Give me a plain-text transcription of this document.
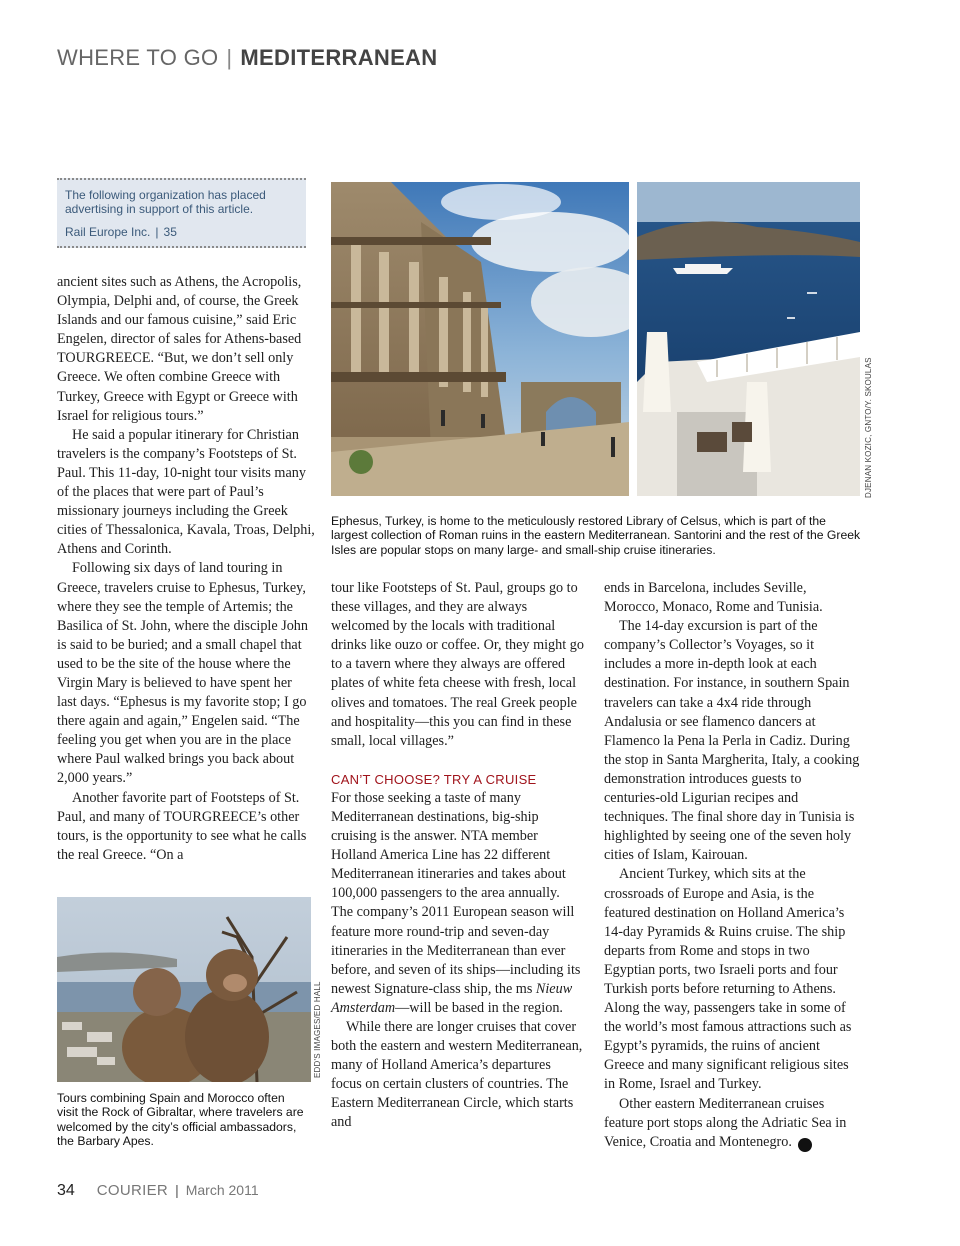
WHERE TO GO | MEDITERRANEAN
The following organization has placed advertising in support of this article.
Rail Europe Inc. | 35

ancient sites such as Athens, the Acropolis, Olympia, Delphi and, of course, the Greek Islands and our famous cuisine,” said Eric Engelen, director of sales for Athens-based TOURGREECE. “But, we don’t sell only Greece. We often combine Greece with Turkey, Greece with Egypt or Greece with Israel for religious tours.”

He said a popular itinerary for Christian travelers is the company’s Footsteps of St. Paul. This 11-day, 10-night tour visits many of the places that were part of Paul’s missionary journeys including the Greek cities of Thessalonica, Kavala, Troas, Delphi, Athens and Corinth.

Following six days of land touring in Greece, travelers cruise to Ephesus, Turkey, where they see the temple of Artemis; the Basilica of St. John, where the disciple John is said to be buried; and a small chapel that used to be the site of the house where the Virgin Mary is believed to have spent her last days. “Ephesus is my favorite stop; I go there again and again,” Engelen said. “The feeling you get when you are in the place where Paul walked brings you back about 2,000 years.”

Another favorite part of Footsteps of St. Paul, and many of TOURGREECE’s other tours, is the opportunity to see what he calls the real Greece. “On a

DJENAN KOZIC, GNTO/Y. SKOULAS
Ephesus, Turkey, is home to the meticulously restored Library of Celsus, which is part of the largest collection of Roman ruins in the eastern Mediterranean. Santorini and the rest of the Greek Isles are popular stops on many large- and small-ship cruise itineraries.

tour like Footsteps of St. Paul, groups go to these villages, and they are always welcomed by the locals with traditional drinks like ouzo or coffee. Or, they might go to a tavern where they always are offered plates of white feta cheese with fresh, local olives and tomatoes. The real Greek people and hospitality—this you can find in these small, local villages.”

CAN’T CHOOSE? TRY A CRUISE

For those seeking a taste of many Mediterranean destinations, big-ship cruising is the answer. NTA member Holland America Line has 22 different Mediterranean itineraries and takes about 100,000 passengers to the area annually. The company’s 2011 European season will feature more round-trip and seven-day itineraries in the Mediterranean than ever before, and seven of its ships—including its newest Signature-class ship, the ms Nieuw Amsterdam—will be based in the region.

While there are longer cruises that cover both the eastern and western Mediterranean, many of Holland America’s departures focus on certain clusters of countries. The Eastern Mediterranean Circle, which starts and

ends in Barcelona, includes Seville, Morocco, Monaco, Rome and Tunisia.

The 14-day excursion is part of the company’s Collector’s Voyages, so it includes a more in-depth look at each destination. For instance, in southern Spain travelers can take a 4x4 ride through Andalusia or see flamenco dancers at Flamenco la Pena la Perla in Cadiz. During the stop in Santa Margherita, Italy, a cooking demonstration introduces guests to centuries-old Ligurian recipes and techniques. The final shore day in Tunisia is highlighted by seeing one of the seven holy cities of Islam, Kairouan.

Ancient Turkey, which sits at the crossroads of Europe and Asia, is the featured destination on Holland America’s 14-day Pyramids & Ruins cruise. The ship departs from Rome and stops in two Egyptian ports, two Israeli ports and four Turkish ports before returning to Athens. Along the way, passengers take in some of the world’s most famous attractions such as Egypt’s pyramids, the ruins of ancient Greece and many significant religious sites in Rome, Israel and Turkey.

Other eastern Mediterranean cruises feature port stops along the Adriatic Sea in Venice, Croatia and Montenegro. C

EDD'S IMAGES/ED HALL
Tours combining Spain and Morocco often visit the Rock of Gibraltar, where travelers are welcomed by the city’s official ambassadors, the Barbary Apes.
34 COURIER | March 2011
